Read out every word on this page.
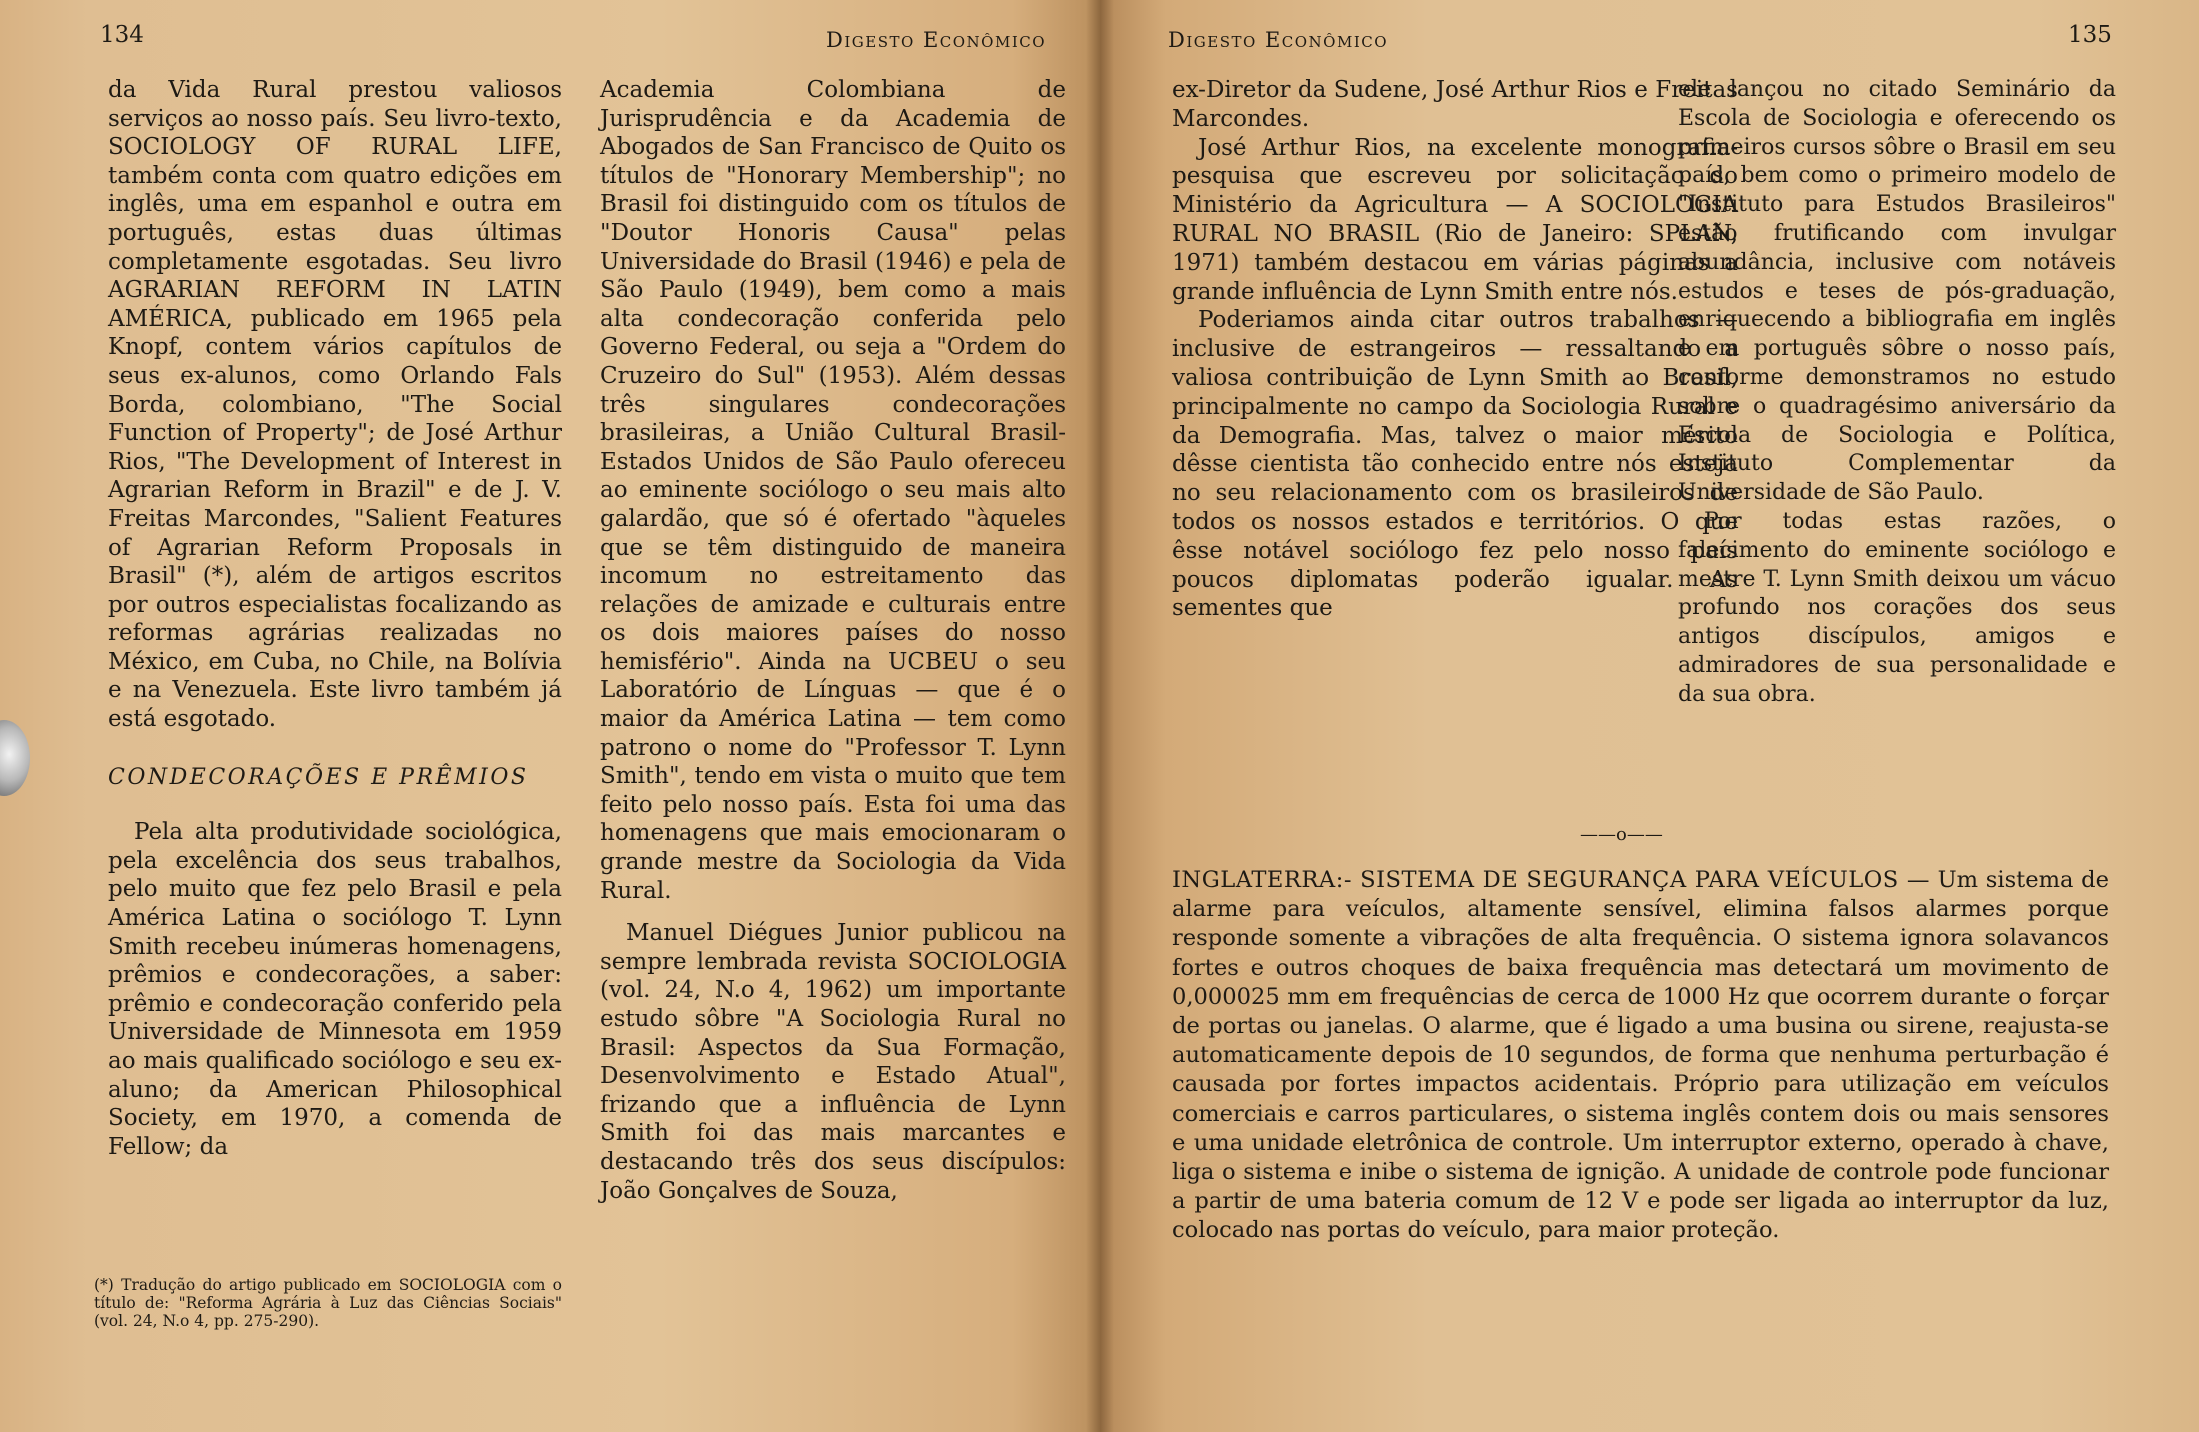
134	Digesto Econômico

da Vida Rural prestou valiosos serviços ao nosso país. Seu livro-texto, SOCIOLOGY OF RURAL LIFE, também conta com quatro edições em inglês, uma em espanhol e outra em português, estas duas últimas completamente esgotadas. Seu livro AGRARIAN REFORM IN LATIN AMÉRICA, publicado em 1965 pela Knopf, contem vários capítulos de seus ex-alunos, como Orlando Fals Borda, colombiano, "The Social Function of Property"; de José Arthur Rios, "The Development of Interest in Agrarian Reform in Brazil" e de J. V. Freitas Marcondes, "Salient Features of Agrarian Reform Proposals in Brasil" (*), além de artigos escritos por outros especialistas focalizando as reformas agrárias realizadas no México, em Cuba, no Chile, na Bolívia e na Venezuela. Este livro também já está esgotado.

CONDECORAÇÕES E PRÊMIOS

Pela alta produtividade sociológica, pela excelência dos seus trabalhos, pelo muito que fez pelo Brasil e pela América Latina o sociólogo T. Lynn Smith recebeu inúmeras homenagens, prêmios e condecorações, a saber: prêmio e condecoração conferido pela Universidade de Minnesota em 1959 ao mais qualificado sociólogo e seu ex-aluno; da American Philosophical Society, em 1970, a comenda de Fellow; da

Academia Colombiana de Jurisprudência e da Academia de Abogados de San Francisco de Quito os títulos de "Honorary Membership"; no Brasil foi distinguido com os títulos de "Doutor Honoris Causa" pelas Universidade do Brasil (1946) e pela de São Paulo (1949), bem como a mais alta condecoração conferida pelo Governo Federal, ou seja a "Ordem do Cruzeiro do Sul" (1953). Além dessas três singulares condecorações brasileiras, a União Cultural Brasil-Estados Unidos de São Paulo ofereceu ao eminente sociólogo o seu mais alto galardão, que só é ofertado "àqueles que se têm distinguido de maneira incomum no estreitamento das relações de amizade e culturais entre os dois maiores países do nosso hemisfério". Ainda na UCBEU o seu Laboratório de Línguas — que é o maior da América Latina — tem como patrono o nome do "Professor T. Lynn Smith", tendo em vista o muito que tem feito pelo nosso país. Esta foi uma das homenagens que mais emocionaram o grande mestre da Sociologia da Vida Rural.

Manuel Diégues Junior publicou na sempre lembrada revista SOCIOLOGIA (vol. 24, N.o 4, 1962) um importante estudo sôbre "A Sociologia Rural no Brasil: Aspectos da Sua Formação, Desenvolvimento e Estado Atual", frizando que a influência de Lynn Smith foi das mais marcantes e destacando três dos seus discípulos: João Gonçalves de Souza,

(*) Tradução do artigo publicado em SOCIOLOGIA com o título de: "Reforma Agrária à Luz das Ciências Sociais" (vol. 24, N.o 4, pp. 275-290).
Digesto Econômico	135

ex-Diretor da Sudene, José Arthur Rios e Freitas Marcondes.

José Arthur Rios, na excelente monografia-pesquisa que escreveu por solicitação do Ministério da Agricultura — A SOCIOLOGIA RURAL NO BRASIL (Rio de Janeiro: SPLAN, 1971) também destacou em várias páginas a grande influência de Lynn Smith entre nós.

Poderiamos ainda citar outros trabalhos — inclusive de estrangeiros — ressaltando a valiosa contribuição de Lynn Smith ao Brasil, principalmente no campo da Sociologia Rural e da Demografia. Mas, talvez o maior mérito dêsse cientista tão conhecido entre nós esteja no seu relacionamento com os brasileiros de todos os nossos estados e territórios. O que êsse notável sociólogo fez pelo nosso país poucos diplomatas poderão igualar. As sementes que

ele lançou no citado Seminário da Escola de Sociologia e oferecendo os primeiros cursos sôbre o Brasil em seu país, bem como o primeiro modelo de "Instituto para Estudos Brasileiros" estão frutificando com invulgar abundância, inclusive com notáveis estudos e teses de pós-graduação, enriquecendo a bibliografia em inglês e em português sôbre o nosso país, conforme demonstramos no estudo sobre o quadragésimo aniversário da Escola de Sociologia e Política, Instituto Complementar da Universidade de São Paulo.

Por todas estas razões, o falecimento do eminente sociólogo e mestre T. Lynn Smith deixou um vácuo profundo nos corações dos seus antigos discípulos, amigos e admiradores de sua personalidade e da sua obra.

——o——
INGLATERRA:- SISTEMA DE SEGURANÇA PARA VEÍCULOS — Um sistema de alarme para veículos, altamente sensível, elimina falsos alarmes porque responde somente a vibrações de alta frequência. O sistema ignora solavancos fortes e outros choques de baixa frequência mas detectará um movimento de 0,000025 mm em frequências de cerca de 1000 Hz que ocorrem durante o forçar de portas ou janelas. O alarme, que é ligado a uma busina ou sirene, reajusta-se automaticamente depois de 10 segundos, de forma que nenhuma perturbação é causada por fortes impactos acidentais. Próprio para utilização em veículos comerciais e carros particulares, o sistema inglês contem dois ou mais sensores e uma unidade eletrônica de controle. Um interruptor externo, operado à chave, liga o sistema e inibe o sistema de ignição. A unidade de controle pode funcionar a partir de uma bateria comum de 12 V e pode ser ligada ao interruptor da luz, colocado nas portas do veículo, para maior proteção.
